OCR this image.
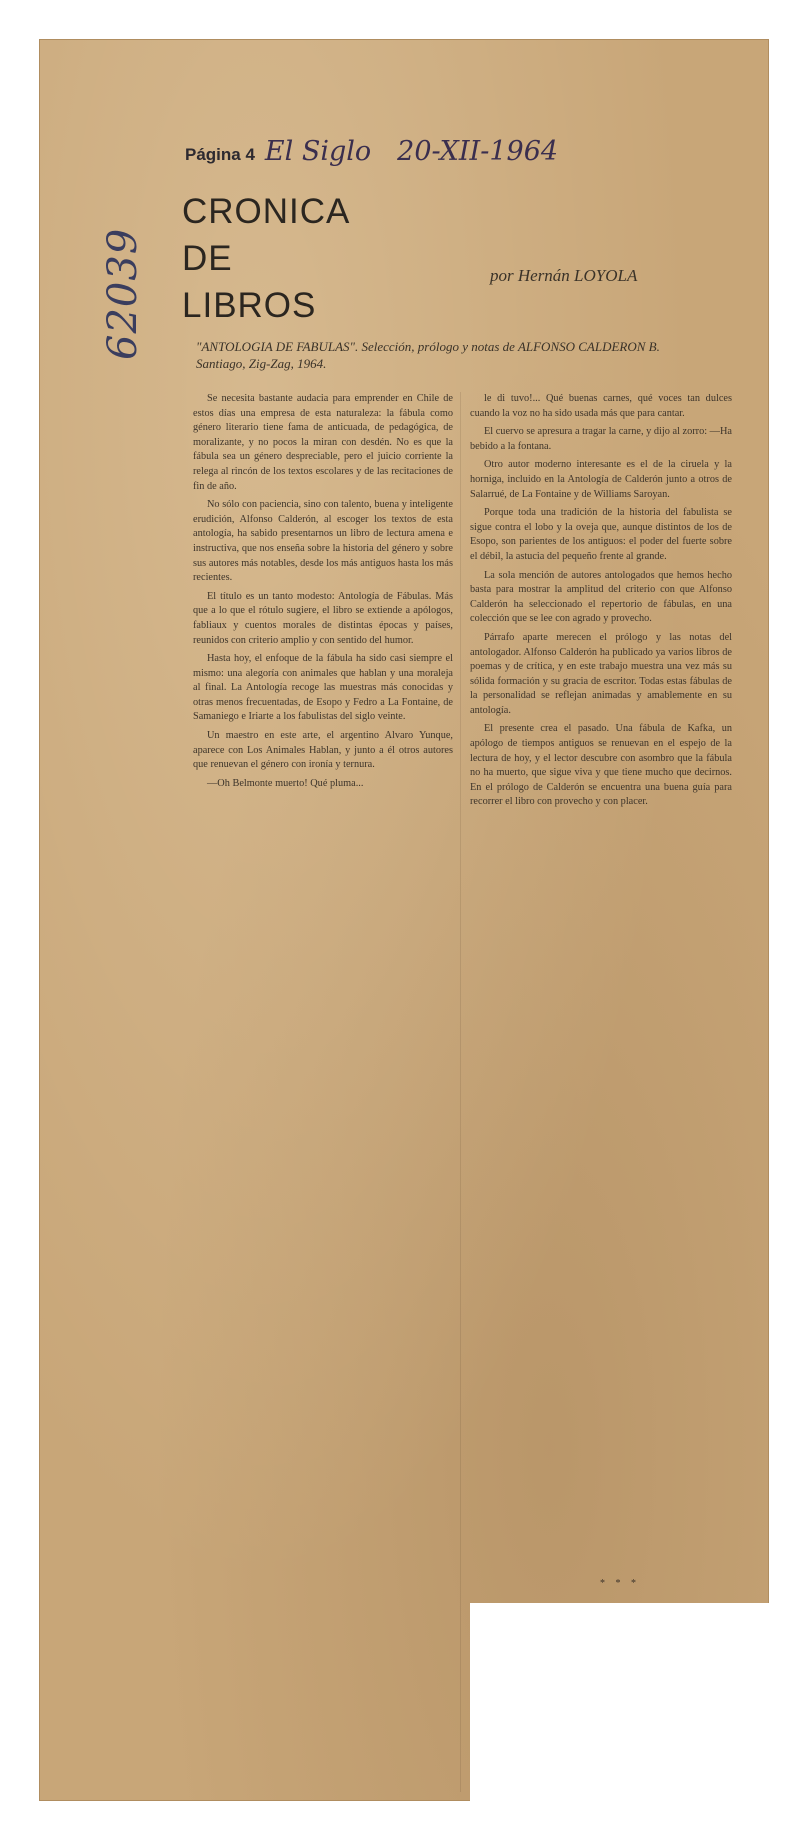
Página 4 El Siglo 20-XII-1964
62039
CRONICA
DE
LIBROS
por Hernán LOYOLA
"ANTOLOGIA DE FABULAS". Selección, prólogo y notas de ALFONSO CALDERON B. Santiago, Zig-Zag, 1964.

Se necesita bastante audacia para emprender en Chile de estos días una empresa de esta naturaleza: la fábula como género literario tiene fama de anticuada, de pedagógica, de moralizante, y no pocos la miran con desdén. No es que la fábula sea un género despreciable, pero el juicio corriente la relega al rincón de los textos escolares y de las recitaciones de fin de año.

No sólo con paciencia, sino con talento, buena y inteligente erudición, Alfonso Calderón, al escoger los textos de esta antología, ha sabido presentarnos un libro de lectura amena e instructiva, que nos enseña sobre la historia del género y sobre sus autores más notables, desde los más antiguos hasta los más recientes.

El título es un tanto modesto: Antología de Fábulas. Más que a lo que el rótulo sugiere, el libro se extiende a apólogos, fabliaux y cuentos morales de distintas épocas y países, reunidos con criterio amplio y con sentido del humor.

Hasta hoy, el enfoque de la fábula ha sido casi siempre el mismo: una alegoría con animales que hablan y una moraleja al final. La Antología recoge las muestras más conocidas y otras menos frecuentadas, de Esopo y Fedro a La Fontaine, de Samaniego e Iriarte a los fabulistas del siglo veinte.

Un maestro en este arte, el argentino Alvaro Yunque, aparece con Los Animales Hablan, y junto a él otros autores que renuevan el género con ironía y ternura.

—Oh Belmonte muerto! Qué pluma...

le di tuvo!... Qué buenas carnes, qué voces tan dulces cuando la voz no ha sido usada más que para cantar.

El cuervo se apresura a tragar la carne, y dijo al zorro: —Ha bebido a la fontana.

Otro autor moderno interesante es el de la ciruela y la horniga, incluido en la Antología de Calderón junto a otros de Salarrué, de La Fontaine y de Williams Saroyan.

Porque toda una tradición de la historia del fabulista se sigue contra el lobo y la oveja que, aunque distintos de los de Esopo, son parientes de los antiguos: el poder del fuerte sobre el débil, la astucia del pequeño frente al grande.

La sola mención de autores antologados que hemos hecho basta para mostrar la amplitud del criterio con que Alfonso Calderón ha seleccionado el repertorio de fábulas, en una colección que se lee con agrado y provecho.

Párrafo aparte merecen el prólogo y las notas del antologador. Alfonso Calderón ha publicado ya varios libros de poemas y de crítica, y en este trabajo muestra una vez más su sólida formación y su gracia de escritor. Todas estas fábulas de la personalidad se reflejan animadas y amablemente en su antología.

El presente crea el pasado. Una fábula de Kafka, un apólogo de tiempos antiguos se renuevan en el espejo de la lectura de hoy, y el lector descubre con asombro que la fábula no ha muerto, que sigue viva y que tiene mucho que decirnos. En el prólogo de Calderón se encuentra una buena guía para recorrer el libro con provecho y con placer.

* * *
